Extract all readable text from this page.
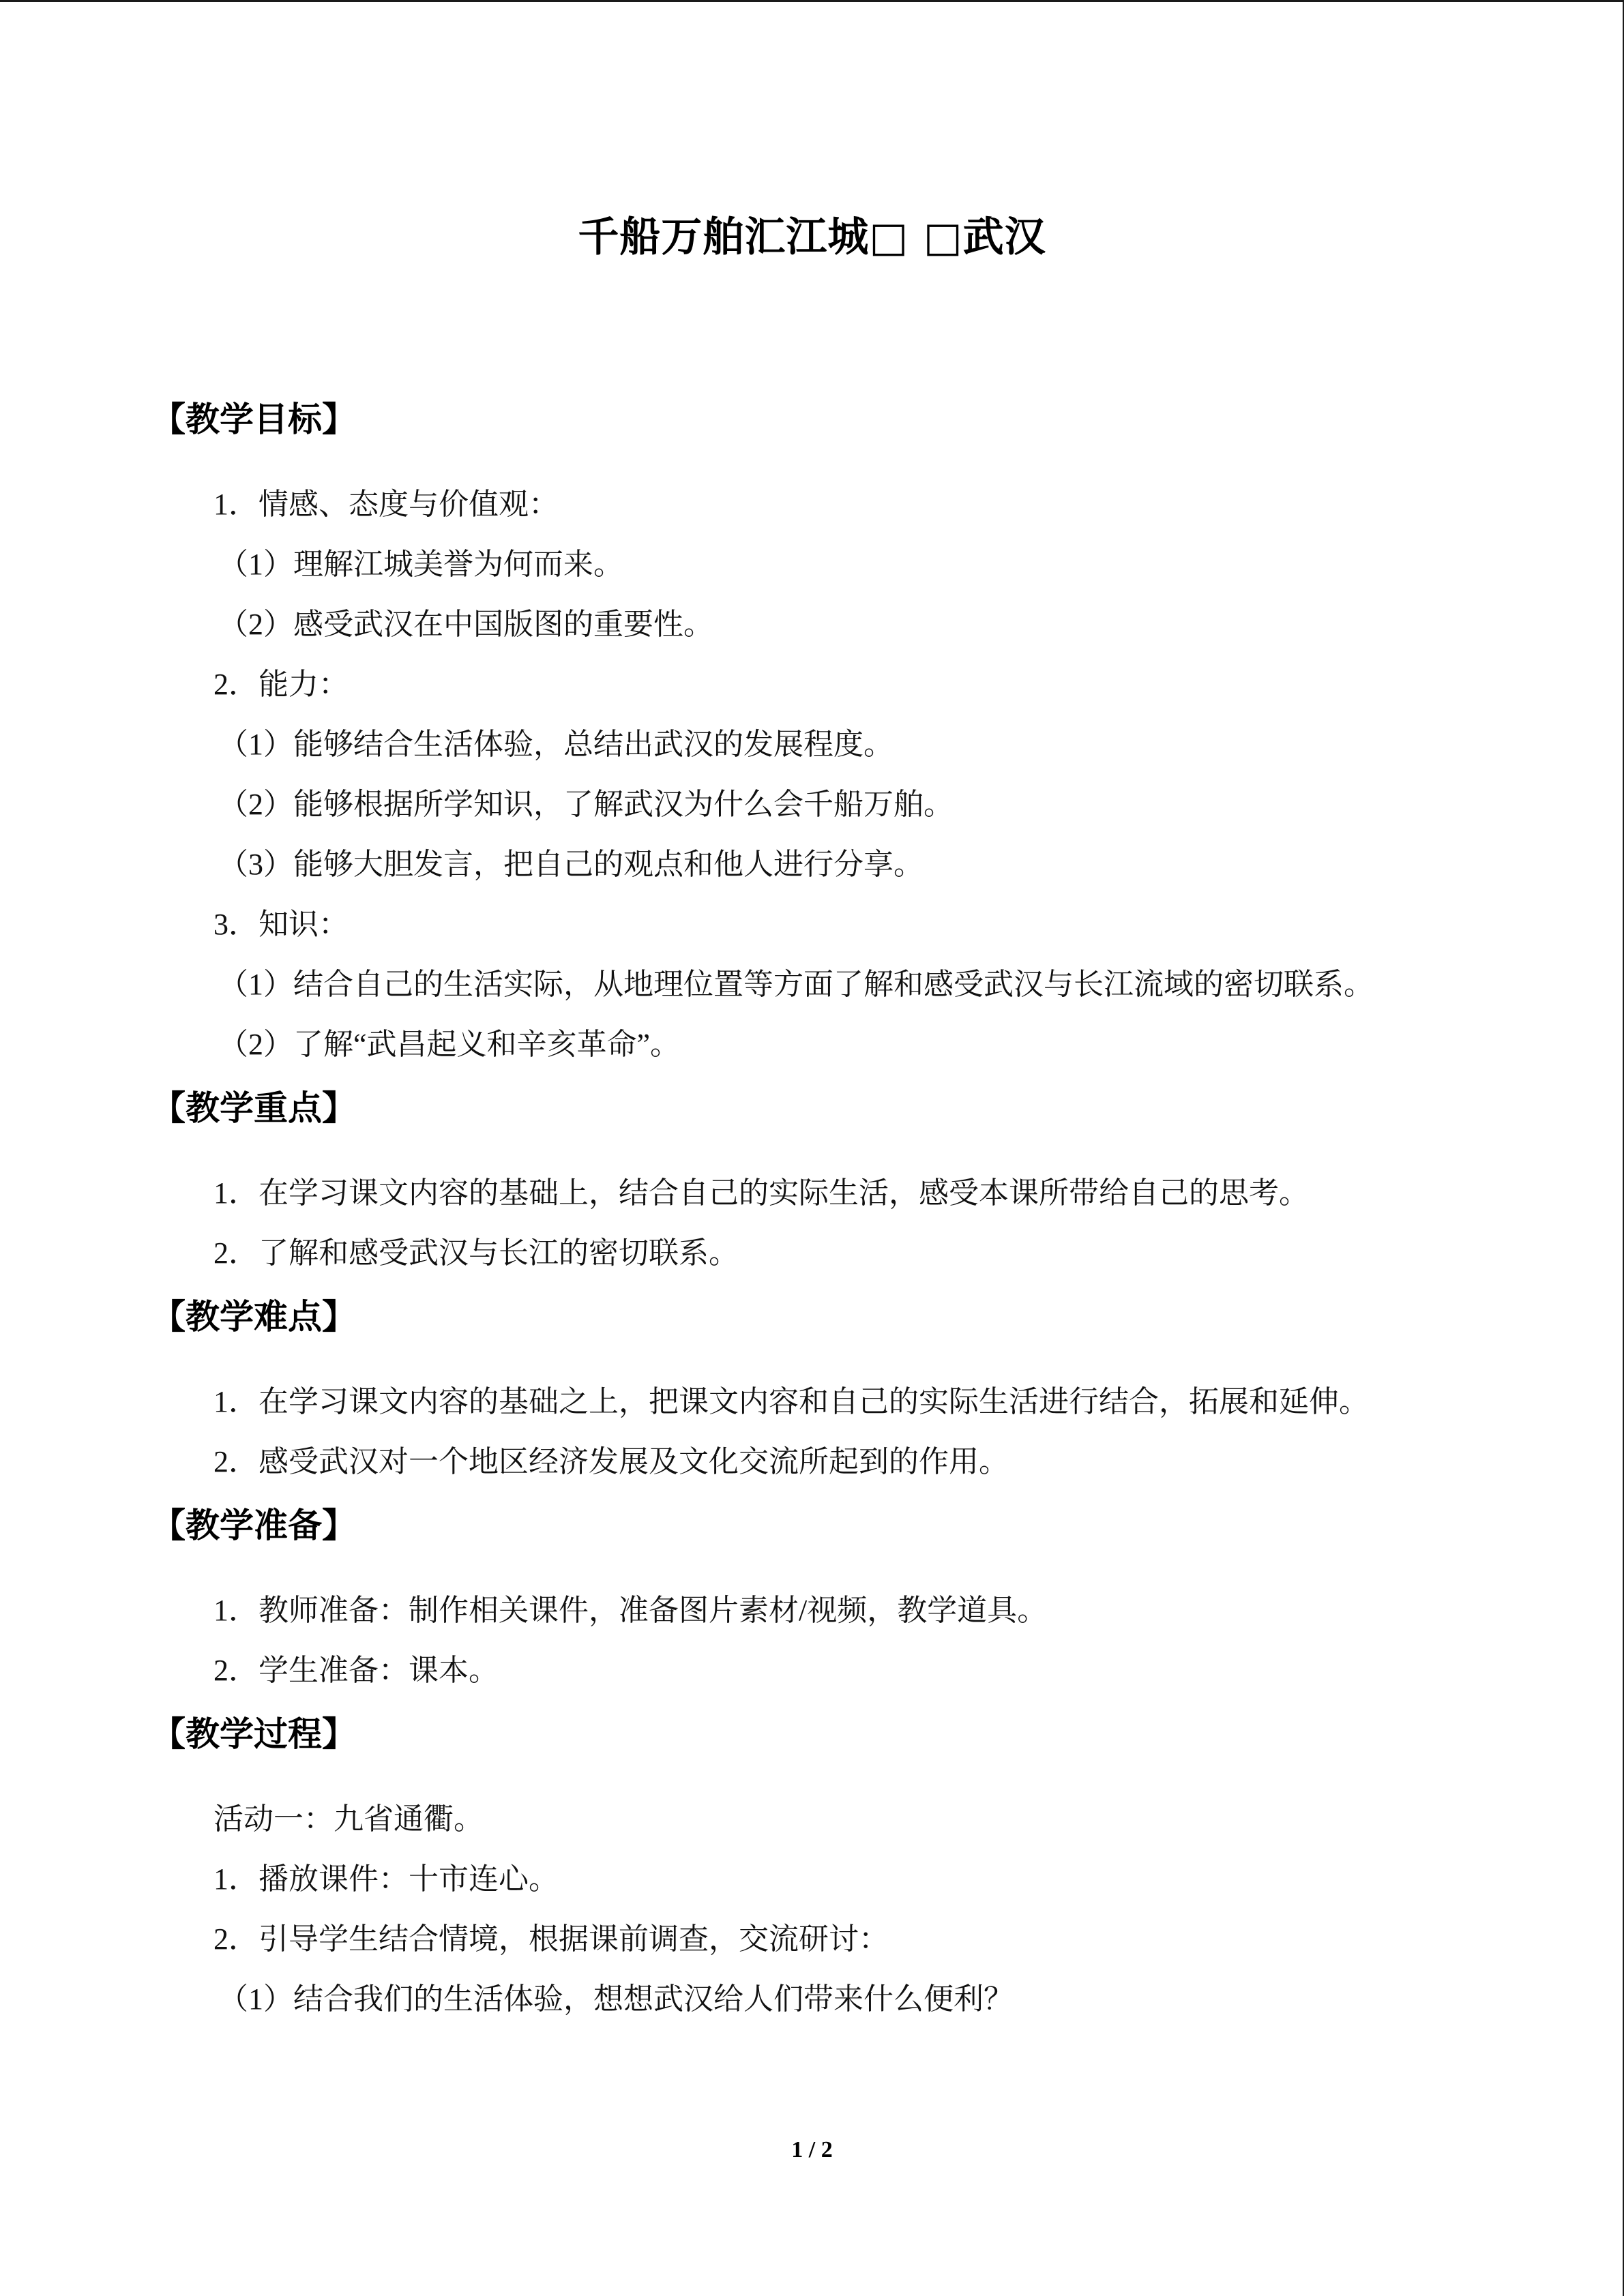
千船万舶汇江城□ □武汉
【教学目标】
1．情感、态度与价值观：
（1）理解江城美誉为何而来。
（2）感受武汉在中国版图的重要性。
2．能力：
（1）能够结合生活体验，总结出武汉的发展程度。
（2）能够根据所学知识，了解武汉为什么会千船万舶。
（3）能够大胆发言，把自己的观点和他人进行分享。
3．知识：
（1）结合自己的生活实际，从地理位置等方面了解和感受武汉与长江流域的密切联系。
（2）了解“武昌起义和辛亥革命”。
【教学重点】
1．在学习课文内容的基础上，结合自己的实际生活，感受本课所带给自己的思考。
2．了解和感受武汉与长江的密切联系。
【教学难点】
1．在学习课文内容的基础之上，把课文内容和自己的实际生活进行结合，拓展和延伸。
2．感受武汉对一个地区经济发展及文化交流所起到的作用。
【教学准备】
1．教师准备：制作相关课件，准备图片素材/视频，教学道具。
2．学生准备：课本。
【教学过程】
活动一：九省通衢。
1．播放课件：十市连心。
2．引导学生结合情境，根据课前调查，交流研讨：
（1）结合我们的生活体验，想想武汉给人们带来什么便利？
1 / 2
